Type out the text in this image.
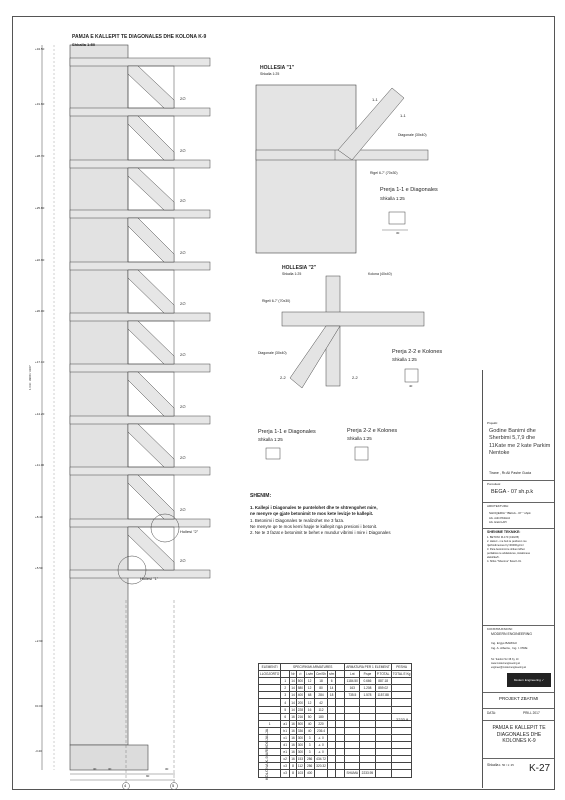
PAMJA E KALLEPIT TE DIAGONALES DHE KOLONA K-9
Shkalla 1:50
1 Cm: 3900 / 3107
+34.50
+31.60
+28.70
+25.80
+22.90
+20.00
+17.10
+14.20
+11.30
+8.40
+5.50
+2.60
±0.00
-3.20
2∅
2∅
2∅
2∅
2∅
2∅
2∅
2∅
2∅
2∅
Hollesi "2"
Hollesi "1"
30	30
90
30
4	5
HOLLESIA "1"
Shkalla 1:25
Diagonale (30x40)
Rigel 6-7' (70x30)
1-1
1-1
Prerja 1-1 e Diagonales
Shkalla 1:25
30
HOLLESIA "2"
Shkalla 1:25	Kolona (40x40)
Rigeli 6-7' (70x30)
Diagonale (30x40)
2-2	2-2
Prerja 2-2 e Kolones
Shkalla 1:25
40
Prerja 1-1 e Diagonales
Shkalla 1:25
Prerja 2-2 e Kolones
Shkalla 1:25
SHENIM:
1. Kallepi i Diagonales te puntelohet dhe te shtrengohet mire,
ne menyre qe gjate betonimit te mos kete levizje te kallepit.
1. Betonimi i Diagonales te realizohet me 3 faza.
Ne menyre qe te mos kemi hapje te kallepit nga presioni i betonit.
2. Ne te 3 fazat e betonimit te behet e mundur vibrimi i mire i Diagonales
ELEMENTI	SPECIFIKIMI ARMATURES							ARMATURA PER 1 ELEMENT			PESHA
LLOGJORTO		Nr	∅	Ln/m	Cm/Sh	n/m		Lnt	P.spe	P.TOTAL	TOTAL E Kg
	1	14	500	12	18	6		1184.50	0.666	887.18	
	2	14	580	12	80	14		163	1.208	859.02	
	3	14	400	68	284	18		735.5	1.578	1157.88	
	4	14	200	12	42						
	5	14	228	16	112						
	6	16	216	50	180						
1	a1	16	500	40	220						
	b1	16	336	40	236.4						
	c1	16	300	3	∠ 0						
	d1	16	300	3	∠ 0						
	e1	16	300	3	∠ 0						
	c2	16	153	286	434.72						
	c3	8	112	286	320.32						
	c3	8	103	400				SHUMA	2233.95		
KOLONA K-9 ARMOGJALJA
2233.9
Projekti:
Godine Banimi dhe Sherbimi 5,7,9 dhe 11Kate me 2 kate Parkim Nentoke
Tirane , Rr.Ali Pashe Gucia
Porositesi:
BEGA - 07 sh.p.k
ARKITEKTURA:
SHOQERIA " BEGA - 07 " shpk
Ark. Ardit PASHAJ
Ark. Erald LAPI
SHENIME TEKNIKE:
1. BETONI: M-170 (C20/25)
2. Hekuri - me butt te perdoren me
rijetfrodimemes Fy=4600Kg/cm²
3. Para betonimit te shiken lidhet
perfaktore te arkitektures, instalimeve
elektrike/h.
4. Shiko "Shenime" fleta K-01.
KONSTRUKSIONI:
MODERN ENGINEERING
Ing. Ergys BARDHI
Ing. A. Alberta , Ing. I. PIRE
Tel: Telefoni Tel: 08 Xy, 10
www.modernengineering.al
engineer@modernengineering.al
Modern Engineering ✓
PROJEKT ZBATIMI
DATA:	PRILL 2017
PAMJA E KALLEPIT TE DIAGONALES DHE KOLONES K-9
Shkalla 1: 50 / 1: 25 K-27
